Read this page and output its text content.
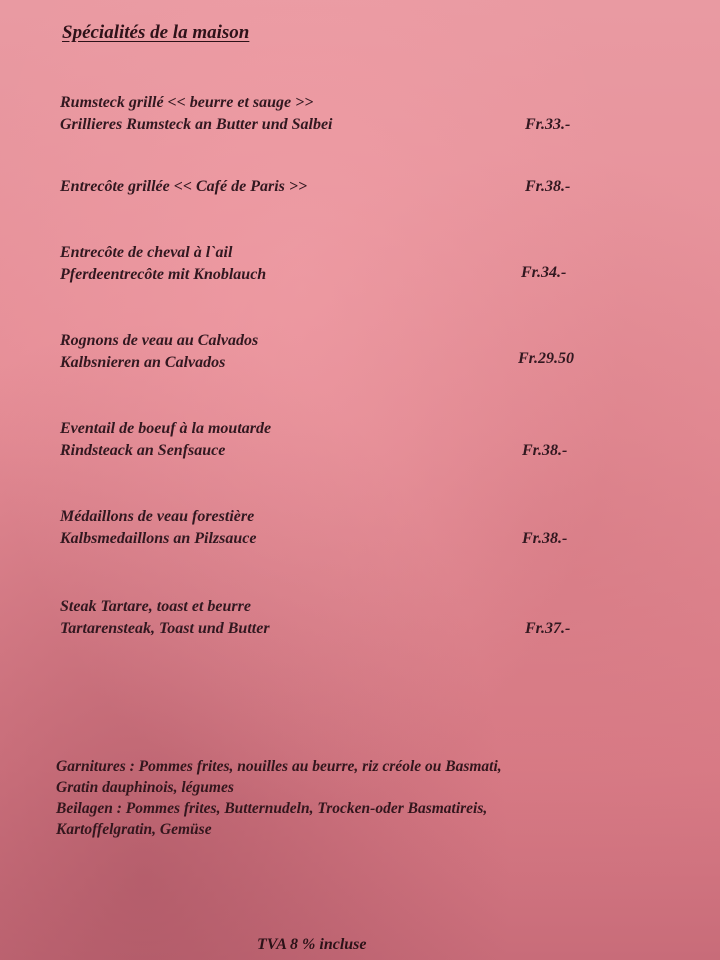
Spécialités de la maison
Rumsteck grillé << beurre et sauge >>
Grillieres Rumsteck an Butter und Salbei	Fr.33.-
Entrecôte grillée << Café de Paris >>	Fr.38.-
Entrecôte de cheval à l`ail
Pferdeentrecôte mit Knoblauch	Fr.34.-
Rognons de veau au Calvados
Kalbsnieren an Calvados	Fr.29.50
Eventail de boeuf à la moutarde
Rindsteack an Senfsauce	Fr.38.-
Médaillons de veau forestière
Kalbsmedaillons an Pilzsauce	Fr.38.-
Steak Tartare, toast et beurre
Tartarensteak, Toast und Butter	Fr.37.-
Garnitures : Pommes frites, nouilles au beurre, riz créole ou Basmati,
Gratin dauphinois, légumes
Beilagen : Pommes frites, Butternudeln, Trocken-oder Basmatireis,
Kartoffelgratin, Gemüse
TVA 8 % incluse
